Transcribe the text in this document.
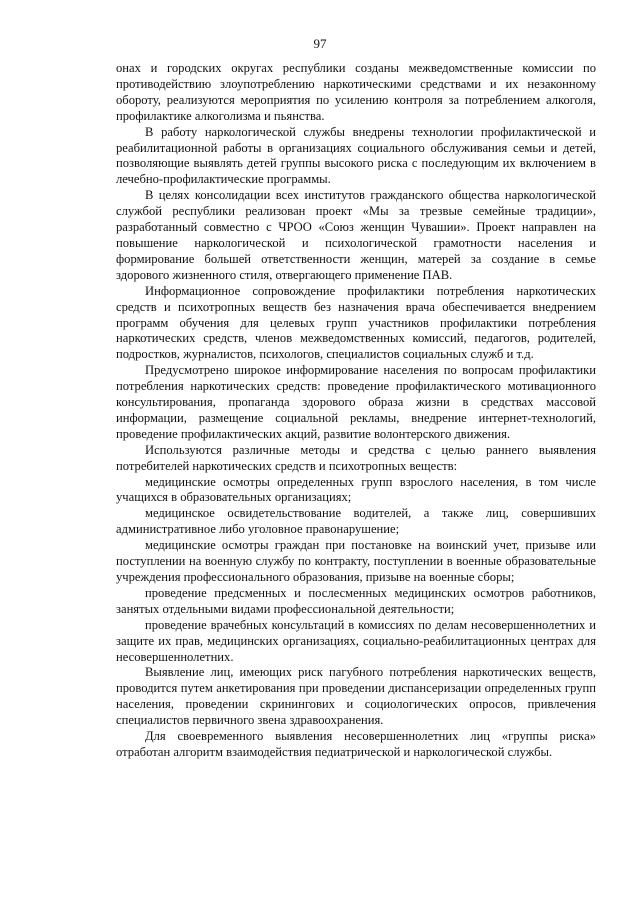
97

онах и городских округах республики созданы межведомственные комиссии по противодействию злоупотреблению наркотическими средствами и их незаконному обороту, реализуются мероприятия по усилению контроля за потреблением алкоголя, профилактике алкоголизма и пьянства.

В работу наркологической службы внедрены технологии профилактической и реабилитационной работы в организациях социального обслуживания семьи и детей, позволяющие выявлять детей группы высокого риска с последующим их включением в лечебно-профилактические программы.

В целях консолидации всех институтов гражданского общества наркологической службой республики реализован проект «Мы за трезвые семейные традиции», разработанный совместно с ЧРОО «Союз женщин Чувашии». Проект направлен на повышение наркологической и психологической грамотности населения и формирование большей ответственности женщин, матерей за создание в семье здорового жизненного стиля, отвергающего применение ПАВ.

Информационное сопровождение профилактики потребления наркотических средств и психотропных веществ без назначения врача обеспечивается внедрением программ обучения для целевых групп участников профилактики потребления наркотических средств, членов межведомственных комиссий, педагогов, родителей, подростков, журналистов, психологов, специалистов социальных служб и т.д.

Предусмотрено широкое информирование населения по вопросам профилактики потребления наркотических средств: проведение профилактического мотивационного консультирования, пропаганда здорового образа жизни в средствах массовой информации, размещение социальной рекламы, внедрение интернет-технологий, проведение профилактических акций, развитие волонтерского движения.

Используются различные методы и средства с целью раннего выявления потребителей наркотических средств и психотропных веществ:

медицинские осмотры определенных групп взрослого населения, в том числе учащихся в образовательных организациях;

медицинское освидетельствование водителей, а также лиц, совершивших административное либо уголовное правонарушение;

медицинские осмотры граждан при постановке на воинский учет, призыве или поступлении на военную службу по контракту, поступлении в военные образовательные учреждения профессионального образования, призыве на военные сборы;

проведение предсменных и послесменных медицинских осмотров работников, занятых отдельными видами профессиональной деятельности;

проведение врачебных консультаций в комиссиях по делам несовершеннолетних и защите их прав, медицинских организациях, социально-реабилитационных центрах для несовершеннолетних.

Выявление лиц, имеющих риск пагубного потребления наркотических веществ, проводится путем анкетирования при проведении диспансеризации определенных групп населения, проведении скринингових и социологических опросов, привлечения специалистов первичного звена здравоохранения.

Для своевременного выявления несовершеннолетних лиц «группы риска» отработан алгоритм взаимодействия педиатрической и наркологической службы.
